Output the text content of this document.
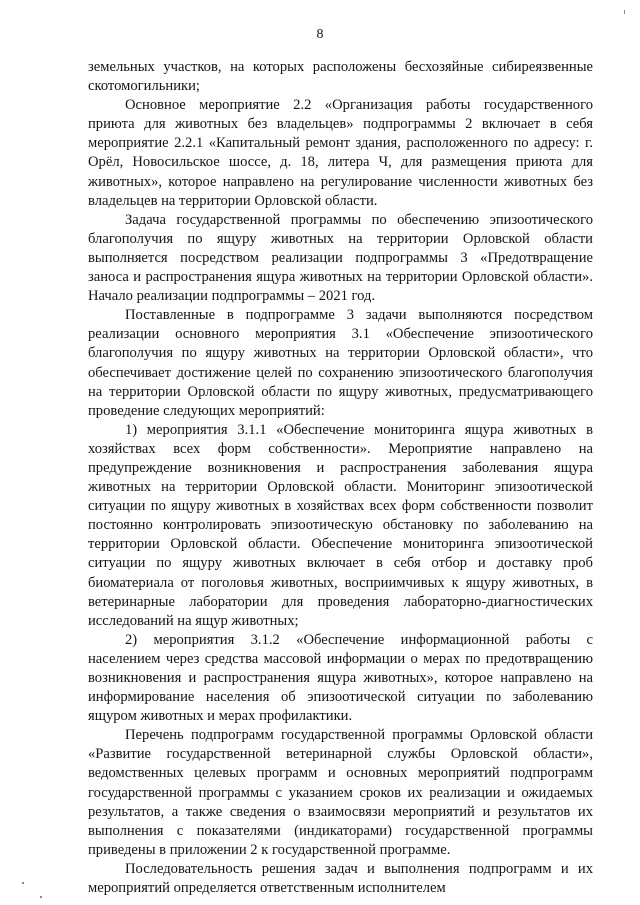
8

земельных участков, на которых расположены бесхозяйные сибиреязвенные скотомогильники;

Основное мероприятие 2.2 «Организация работы государственного приюта для животных без владельцев» подпрограммы 2 включает в себя мероприятие 2.2.1 «Капитальный ремонт здания, расположенного по адресу: г. Орёл, Новосильское шоссе, д. 18, литера Ч, для размещения приюта для животных», которое направлено на регулирование численности животных без владельцев на территории Орловской области.

Задача государственной программы по обеспечению эпизоотического благополучия по ящуру животных на территории Орловской области выполняется посредством реализации подпрограммы 3 «Предотвращение заноса и распространения ящура животных на территории Орловской области». Начало реализации подпрограммы – 2021 год.

Поставленные в подпрограмме 3 задачи выполняются посредством реализации основного мероприятия 3.1 «Обеспечение эпизоотического благополучия по ящуру животных на территории Орловской области», что обеспечивает достижение целей по сохранению эпизоотического благополучия на территории Орловской области по ящуру животных, предусматривающего проведение следующих мероприятий:

1) мероприятия 3.1.1 «Обеспечение мониторинга ящура животных в хозяйствах всех форм собственности». Мероприятие направлено на предупреждение возникновения и распространения заболевания ящура животных на территории Орловской области. Мониторинг эпизоотической ситуации по ящуру животных в хозяйствах всех форм собственности позволит постоянно контролировать эпизоотическую обстановку по заболеванию на территории Орловской области. Обеспечение мониторинга эпизоотической ситуации по ящуру животных включает в себя отбор и доставку проб биоматериала от поголовья животных, восприимчивых к ящуру животных, в ветеринарные лаборатории для проведения лабораторно-диагностических исследований на ящур животных;

2) мероприятия 3.1.2 «Обеспечение информационной работы с населением через средства массовой информации о мерах по предотвращению возникновения и распространения ящура животных», которое направлено на информирование населения об эпизоотической ситуации по заболеванию ящуром животных и мерах профилактики.

Перечень подпрограмм государственной программы Орловской области «Развитие государственной ветеринарной службы Орловской области», ведомственных целевых программ и основных мероприятий подпрограмм государственной программы с указанием сроков их реализации и ожидаемых результатов, а также сведения о взаимосвязи мероприятий и результатов их выполнения с показателями (индикаторами) государственной программы приведены в приложении 2 к государственной программе.

Последовательность решения задач и выполнения подпрограмм и их мероприятий определяется ответственным исполнителем
